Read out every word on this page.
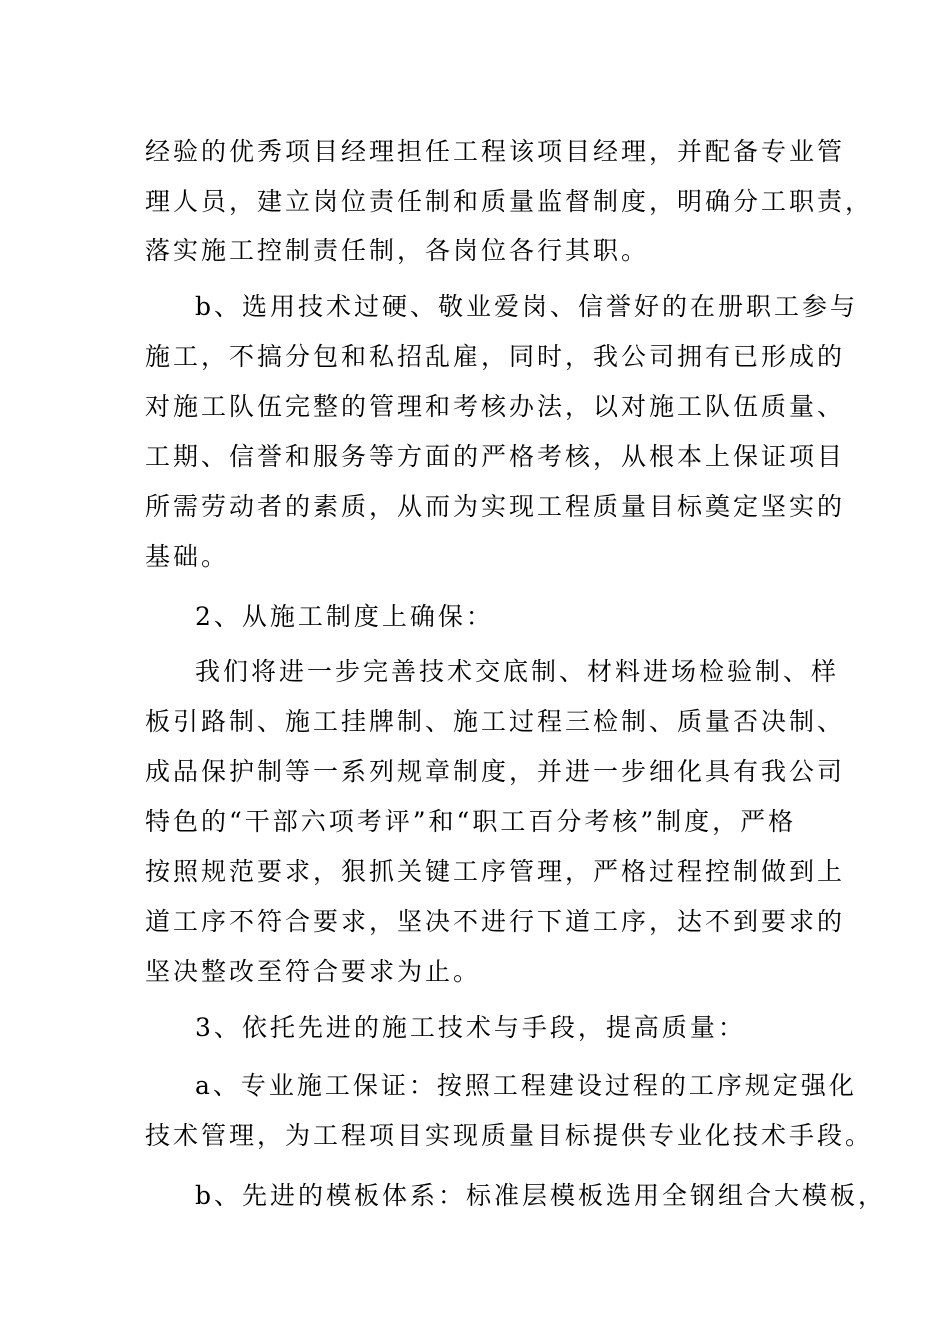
经验的优秀项目经理担任工程该项目经理，并配备专业管
理人员，建立岗位责任制和质量监督制度，明确分工职责，
落实施工控制责任制，各岗位各行其职。
b、选用技术过硬、敬业爱岗、信誉好的在册职工参与
施工，不搞分包和私招乱雇，同时，我公司拥有已形成的
对施工队伍完整的管理和考核办法，以对施工队伍质量、
工期、信誉和服务等方面的严格考核，从根本上保证项目
所需劳动者的素质，从而为实现工程质量目标奠定坚实的
基础。
2、从施工制度上确保：
我们将进一步完善技术交底制、材料进场检验制、样
板引路制、施工挂牌制、施工过程三检制、质量否决制、
成品保护制等一系列规章制度，并进一步细化具有我公司
特色的“干部六项考评”和“职工百分考核”制度，严格
按照规范要求，狠抓关键工序管理，严格过程控制做到上
道工序不符合要求，坚决不进行下道工序，达不到要求的
坚决整改至符合要求为止。
3、依托先进的施工技术与手段，提高质量：
a、专业施工保证：按照工程建设过程的工序规定强化
技术管理，为工程项目实现质量目标提供专业化技术手段。
b、先进的模板体系：标准层模板选用全钢组合大模板，
